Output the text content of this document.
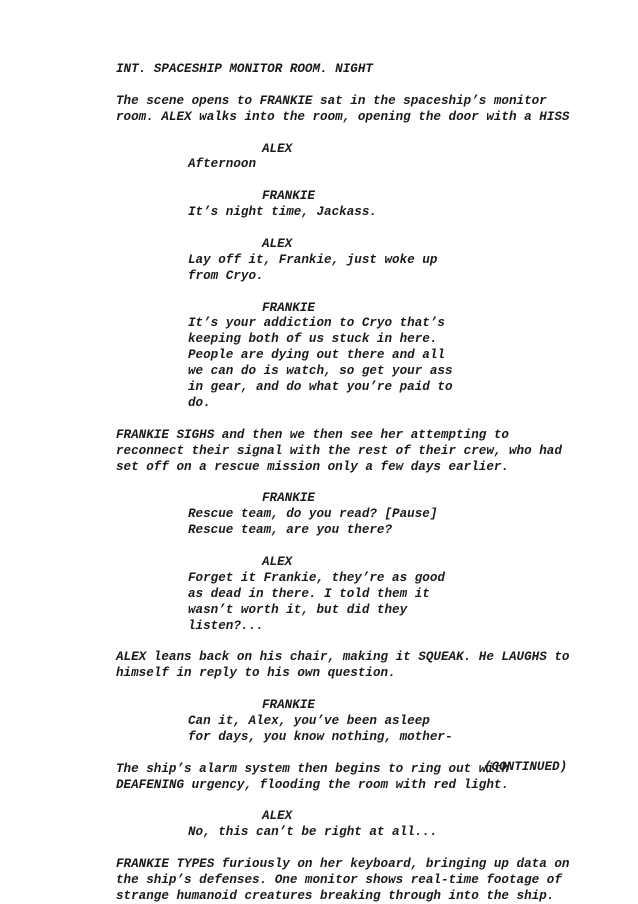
INT. SPACESHIP MONITOR ROOM. NIGHT
The scene opens to FRANKIE sat in the spaceship’s monitor
room. ALEX walks into the room, opening the door with a HISS
ALEX
Afternoon
FRANKIE
It’s night time, Jackass.
ALEX
Lay off it, Frankie, just woke up
from Cryo.
FRANKIE
It’s your addiction to Cryo that’s
keeping both of us stuck in here.
People are dying out there and all
we can do is watch, so get your ass
in gear, and do what you’re paid to
do.
FRANKIE SIGHS and then we then see her attempting to
reconnect their signal with the rest of their crew, who had
set off on a rescue mission only a few days earlier.
FRANKIE
Rescue team, do you read? [Pause]
Rescue team, are you there?
ALEX
Forget it Frankie, they’re as good
as dead in there. I told them it
wasn’t worth it, but did they
listen?...
ALEX leans back on his chair, making it SQUEAK. He LAUGHS to
himself in reply to his own question.
FRANKIE
Can it, Alex, you’ve been asleep
for days, you know nothing, mother-
The ship’s alarm system then begins to ring out with
DEAFENING urgency, flooding the room with red light.
ALEX
No, this can’t be right at all...
FRANKIE TYPES furiously on her keyboard, bringing up data on
the ship’s defenses. One monitor shows real-time footage of
strange humanoid creatures breaking through into the ship.
(CONTINUED)
